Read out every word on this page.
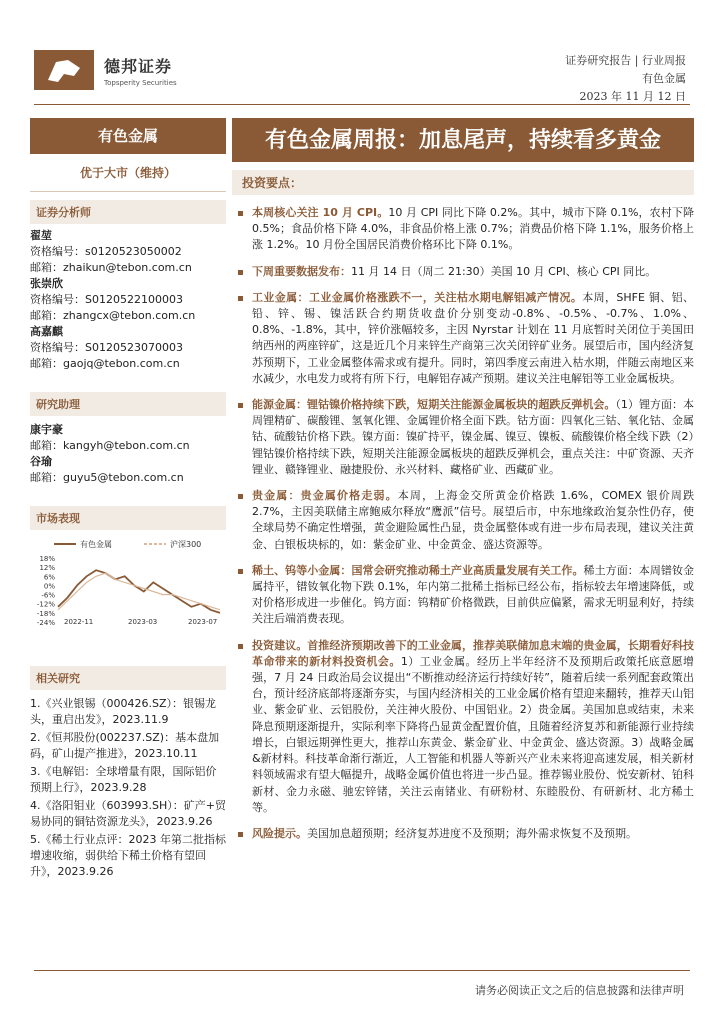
德邦证券
Topsperity Securities
证券研究报告 | 行业周报
有色金属
2023 年 11 月 12 日
有色金属
优于大市（维持）
证券分析师
翟堃
资格编号：s0120523050002
邮箱：zhaikun@tebon.com.cn
张崇欣
资格编号：S0120522100003
邮箱：zhangcx@tebon.com.cn
高嘉麒
资格编号：S0120523070003
邮箱：gaojq@tebon.com.cn
研究助理
康宇豪
邮箱：kangyh@tebon.com.cn
谷瑜
邮箱：guyu5@tebon.com.cn
市场表现
有色金属	沪深300
18%
12%
6%
0%
-6%
-12%
-18%
-24% 2022-11	2023-03	2023-07
相关研究
1.《兴业银锡（000426.SZ）：银锡龙头，重启出发》，2023.11.9
2.《恒邦股份(002237.SZ)：基本盘加码，矿山提产推进》，2023.10.11
3.《电解铝：全球增量有限，国际铝价预期上行》，2023.9.28
4.《洛阳钼业（603993.SH）：矿产+贸易协同的铜钴资源龙头》，2023.9.26
5.《稀土行业点评：2023 年第二批指标增速收缩，弱供给下稀土价格有望回升》，2023.9.26
有色金属周报：加息尾声，持续看多黄金
投资要点：
本周核心关注 10 月 CPI。10 月 CPI 同比下降 0.2%。其中，城市下降 0.1%，农村下降 0.5%；食品价格下降 4.0%，非食品价格上涨 0.7%；消费品价格下降 1.1%，服务价格上涨 1.2%。10 月份全国居民消费价格环比下降 0.1%。
下周重要数据发布：11 月 14 日（周二 21:30）美国 10 月 CPI、核心 CPI 同比。
工业金属：工业金属价格涨跌不一，关注枯水期电解铝减产情况。本周，SHFE 铜、铝、铅、锌、锡、镍活跃合约期货收盘价分别变动-0.8%、-0.5%、-0.7%、1.0%、0.8%、-1.8%，其中，锌价涨幅较多，主因 Nyrstar 计划在 11 月底暂时关闭位于美国田纳西州的两座锌矿，这是近几个月来锌生产商第三次关闭锌矿业务。展望后市，国内经济复苏预期下，工业金属整体需求或有提升。同时，第四季度云南进入枯水期，伴随云南地区来水减少，水电发力或将有所下行，电解铝存减产预期。建议关注电解铝等工业金属板块。
能源金属：锂钴镍价格持续下跌，短期关注能源金属板块的超跌反弹机会。（1）锂方面：本周锂精矿、碳酸锂、氢氧化锂、金属锂价格全面下跌。钴方面：四氧化三钴、氧化钴、金属钴、硫酸钴价格下跌。镍方面：镍矿持平，镍金属、镍豆、镍板、硫酸镍价格全线下跌（2）锂钴镍价格持续下跌，短期关注能源金属板块的超跌反弹机会，重点关注：中矿资源、天齐锂业、赣锋锂业、融捷股份、永兴材料、藏格矿业、西藏矿业。
贵金属：贵金属价格走弱。本周，上海金交所黄金价格跌 1.6%，COMEX 银价周跌 2.7%，主因美联储主席鲍威尔释放“鹰派”信号。展望后市，中东地缘政治复杂性仍存，使全球局势不确定性增强，黄金避险属性凸显，贵金属整体或有进一步布局表现，建议关注黄金、白银板块标的，如：紫金矿业、中金黄金、盛达资源等。
稀土、钨等小金属：国常会研究推动稀土产业高质量发展有关工作。稀土方面：本周镨钕金属持平，镨钕氧化物下跌 0.1%，年内第二批稀土指标已经公布，指标较去年增速降低，或对价格形成进一步催化。钨方面：钨精矿价格微跌，目前供应偏紧，需求无明显利好，持续关注后端消费表现。
投资建议。首推经济预期改善下的工业金属，推荐美联储加息末端的贵金属，长期看好科技革命带来的新材料投资机会。1）工业金属。经历上半年经济不及预期后政策托底意愿增强，7 月 24 日政治局会议提出“不断推动经济运行持续好转”，随着后续一系列配套政策出台，预计经济底部将逐渐夯实，与国内经济相关的工业金属价格有望迎来翻转，推荐天山铝业、紫金矿业、云铝股份，关注神火股份、中国铝业。2）贵金属。美国加息或结束，未来降息预期逐渐提升，实际利率下降将凸显黄金配置价值，且随着经济复苏和新能源行业持续增长，白银远期弹性更大，推荐山东黄金、紫金矿业、中金黄金、盛达资源。3）战略金属&新材料。科技革命渐行渐近，人工智能和机器人等新兴产业未来将迎高速发展，相关新材料领域需求有望大幅提升，战略金属价值也将进一步凸显。推荐锡业股份、悦安新材、铂科新材、金力永磁、驰宏锌锗，关注云南锗业、有研粉材、东睦股份、有研新材、北方稀土等。
风险提示。美国加息超预期；经济复苏进度不及预期；海外需求恢复不及预期。
请务必阅读正文之后的信息披露和法律声明
